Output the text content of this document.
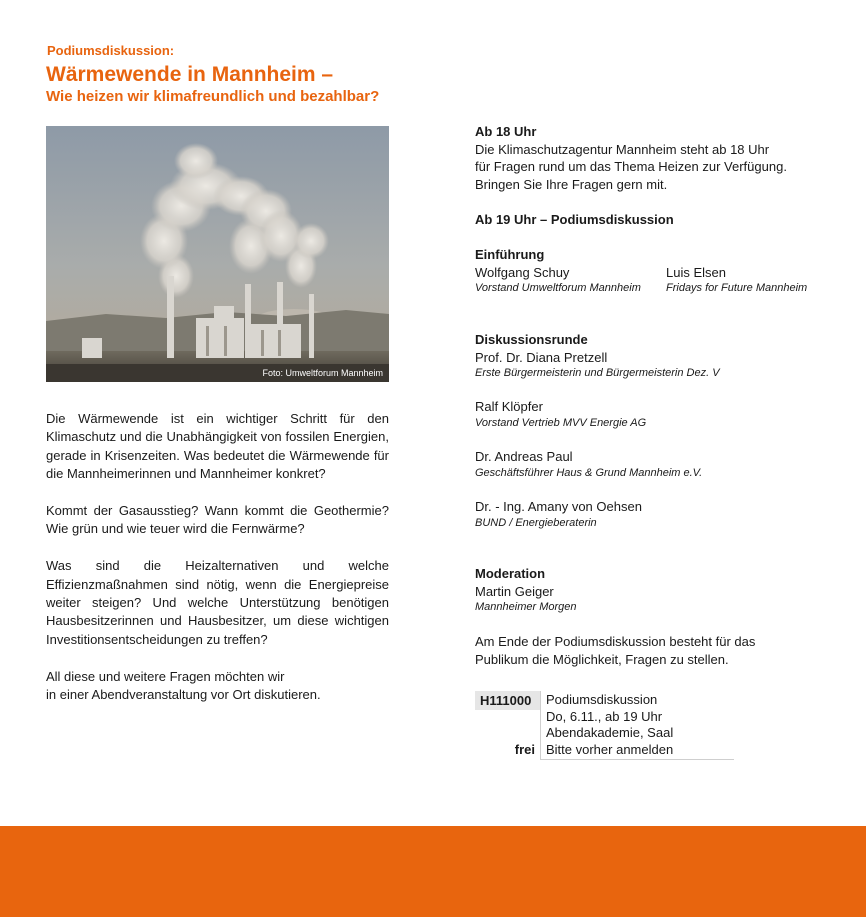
Podiumsdiskussion:
Wärmewende in Mannheim –
Wie heizen wir klimafreundlich und bezahlbar?
Foto: Umweltforum Mannheim

Die Wärmewende ist ein wichtiger Schritt für den Klimaschutz und die Unabhängigkeit von fossilen Energien, gerade in Krisenzeiten. Was bedeutet die Wärmewende für die Mannheimerinnen und Mannheimer konkret?

Kommt der Gasausstieg? Wann kommt die Geothermie? Wie grün und wie teuer wird die Fernwärme?

Was sind die Heizalternativen und welche Effizienzmaßnahmen sind nötig, wenn die Energiepreise weiter steigen? Und welche Unterstützung benötigen Hausbesitzerinnen und Hausbesitzer, um diese wichtigen Investitionsentscheidungen zu treffen?

All diese und weitere Fragen möchten wir
in einer Abendveranstaltung vor Ort diskutieren.

Ab 18 Uhr
Die Klimaschutzagentur Mannheim steht ab 18 Uhr
für Fragen rund um das Thema Heizen zur Verfügung.
Bringen Sie Ihre Fragen gern mit.
Ab 19 Uhr – Podiumsdiskussion
Einführung
Wolfgang Schuy
Vorstand Umweltforum Mannheim
Luis Elsen
Fridays for Future Mannheim
Diskussionsrunde
Prof. Dr. Diana Pretzell
Erste Bürgermeisterin und Bürgermeisterin Dez. V
Ralf Klöpfer
Vorstand Vertrieb MVV Energie AG
Dr. Andreas Paul
Geschäftsführer Haus & Grund Mannheim e.V.
Dr. - Ing. Amany von Oehsen
BUND / Energieberaterin
Moderation
Martin Geiger
Mannheimer Morgen
Am Ende der Podiumsdiskussion besteht für das
Publikum die Möglichkeit, Fragen zu stellen.
H111000
frei
Podiumsdiskussion
Do, 6.11., ab 19 Uhr
Abendakademie, Saal
Bitte vorher anmelden
